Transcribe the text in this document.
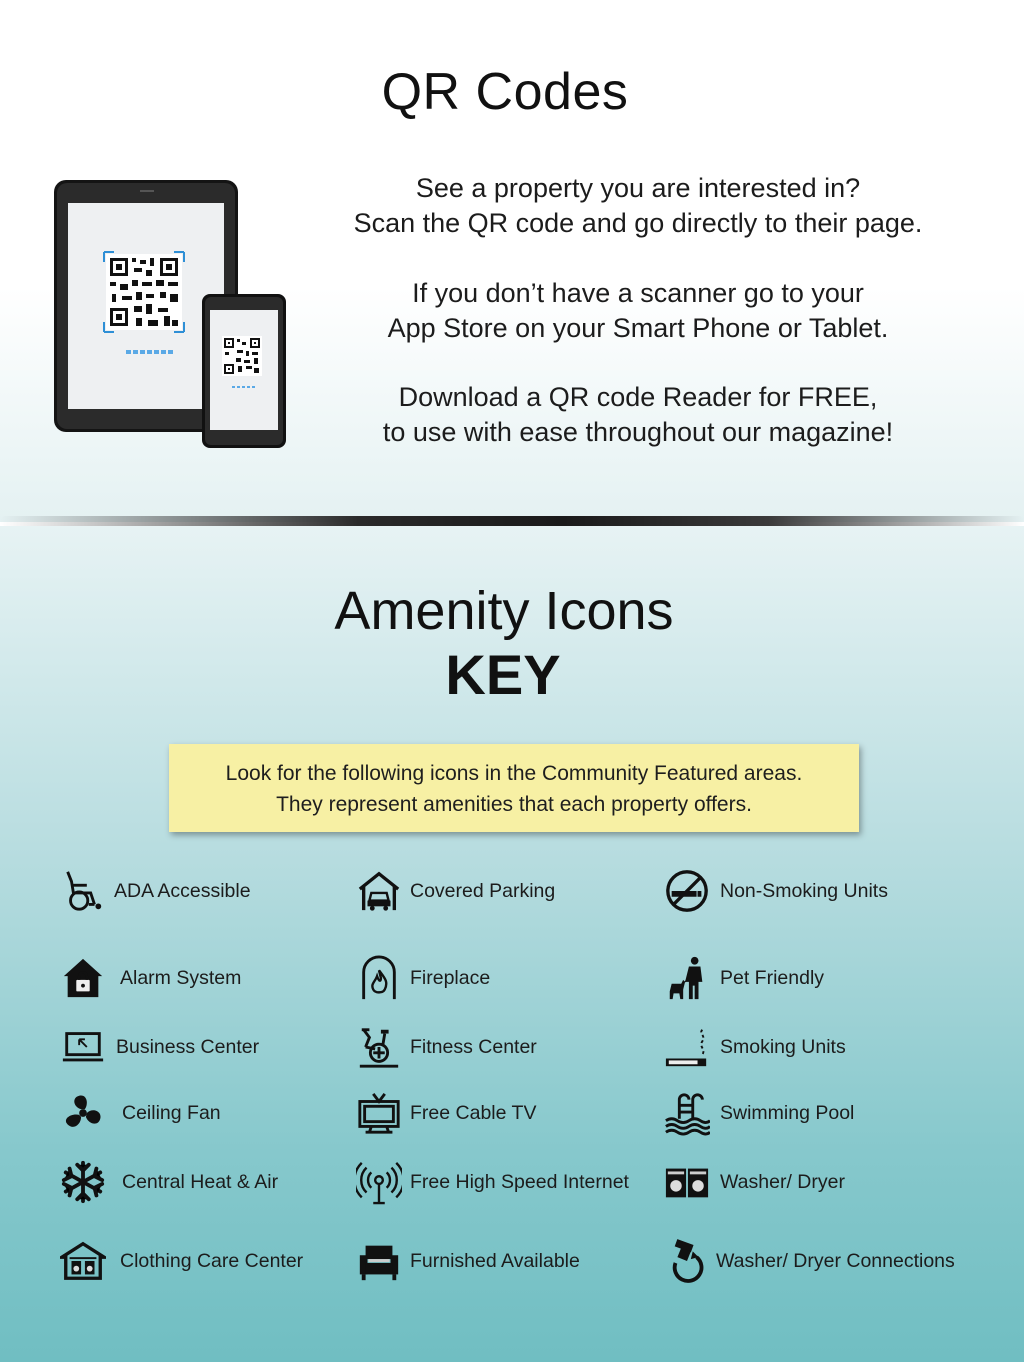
QR Codes
See a property you are interested in?
Scan the QR code and go directly to their page.
If you don’t have a scanner go to your
App Store on your Smart Phone or Tablet.
Download a QR code Reader for FREE,
to use with ease throughout our magazine!
Amenity Icons
KEY
Look for the following icons in the Community Featured areas.
They represent amenities that each property offers.
ADA Accessible
Alarm System
Business Center
Ceiling Fan
Central Heat & Air
Clothing Care Center
Covered Parking
Fireplace
Fitness Center
Free Cable TV
Free High Speed Internet
Furnished Available
Non-Smoking Units
Pet Friendly
Smoking Units
Swimming Pool
Washer/ Dryer
Washer/ Dryer Connections
